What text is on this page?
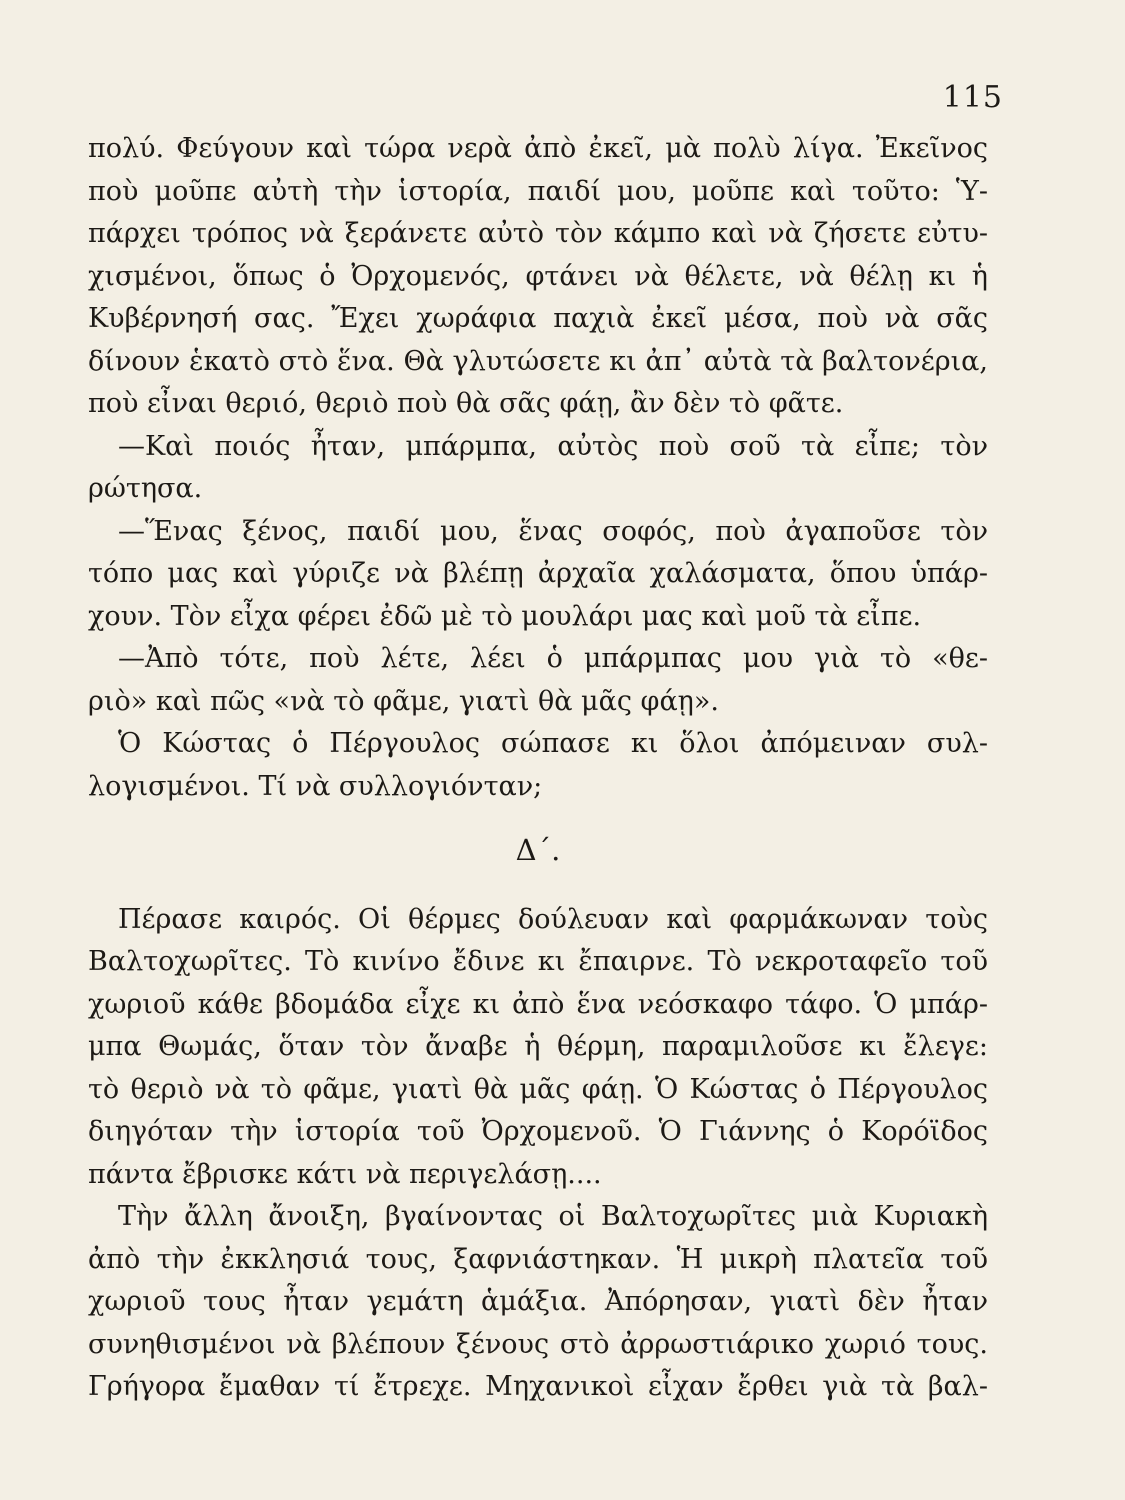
115
πολύ. Φεύγουν καὶ τώρα νερὰ ἀπὸ ἐκεῖ, μὰ πολὺ λίγα. Ἐκεῖνος
ποὺ μοῦπε αὐτὴ τὴν ἱστορία, παιδί μου, μοῦπε καὶ τοῦτο: Ὑ-
πάρχει τρόπος νὰ ξεράνετε αὐτὸ τὸν κάμπο καὶ νὰ ζήσετε εὐτυ-
χισμένοι, ὅπως ὁ Ὀρχομενός, φτάνει νὰ θέλετε, νὰ θέλῃ κι ἡ
Κυβέρνησή σας. Ἔχει χωράφια παχιὰ ἐκεῖ μέσα, ποὺ νὰ σᾶς
δίνουν ἑκατὸ στὸ ἕνα. Θὰ γλυτώσετε κι ἀπ᾽ αὐτὰ τὰ βαλτονέρια,
ποὺ εἶναι θεριό, θεριὸ ποὺ θὰ σᾶς φάῃ, ἂν δὲν τὸ φᾶτε.
—Καὶ ποιός ἦταν, μπάρμπα, αὐτὸς ποὺ σοῦ τὰ εἶπε; τὸν
ρώτησα.
—Ἕνας ξένος, παιδί μου, ἕνας σοφός, ποὺ ἀγαποῦσε τὸν
τόπο μας καὶ γύριζε νὰ βλέπῃ ἀρχαῖα χαλάσματα, ὅπου ὑπάρ-
χουν. Τὸν εἶχα φέρει ἐδῶ μὲ τὸ μουλάρι μας καὶ μοῦ τὰ εἶπε.
—Ἀπὸ τότε, ποὺ λέτε, λέει ὁ μπάρμπας μου γιὰ τὸ «θε-
ριὸ» καὶ πῶς «νὰ τὸ φᾶμε, γιατὶ θὰ μᾶς φάῃ».
Ὁ Κώστας ὁ Πέργουλος σώπασε κι ὅλοι ἀπόμειναν συλ-
λογισμένοι. Τί νὰ συλλογιόνταν;
Δ΄.
Πέρασε καιρός. Οἱ θέρμες δούλευαν καὶ φαρμάκωναν τοὺς
Βαλτοχωρῖτες. Τὸ κινίνο ἔδινε κι ἔπαιρνε. Τὸ νεκροταφεῖο τοῦ
χωριοῦ κάθε βδομάδα εἶχε κι ἀπὸ ἕνα νεόσκαφο τάφο. Ὁ μπάρ-
μπα Θωμάς, ὅταν τὸν ἄναβε ἡ θέρμη, παραμιλοῦσε κι ἔλεγε:
τὸ θεριὸ νὰ τὸ φᾶμε, γιατὶ θὰ μᾶς φάῃ. Ὁ Κώστας ὁ Πέργουλος
διηγόταν τὴν ἱστορία τοῦ Ὀρχομενοῦ. Ὁ Γιάννης ὁ Κορόϊδος
πάντα ἔβρισκε κάτι νὰ περιγελάσῃ....
Τὴν ἄλλη ἄνοιξη, βγαίνοντας οἱ Βαλτοχωρῖτες μιὰ Κυριακὴ
ἀπὸ τὴν ἐκκλησιά τους, ξαφνιάστηκαν. Ἡ μικρὴ πλατεῖα τοῦ
χωριοῦ τους ἦταν γεμάτη ἁμάξια. Ἀπόρησαν, γιατὶ δὲν ἦταν
συνηθισμένοι νὰ βλέπουν ξένους στὸ ἀρρωστιάρικο χωριό τους.
Γρήγορα ἔμαθαν τί ἔτρεχε. Μηχανικοὶ εἶχαν ἔρθει γιὰ τὰ βαλ-
